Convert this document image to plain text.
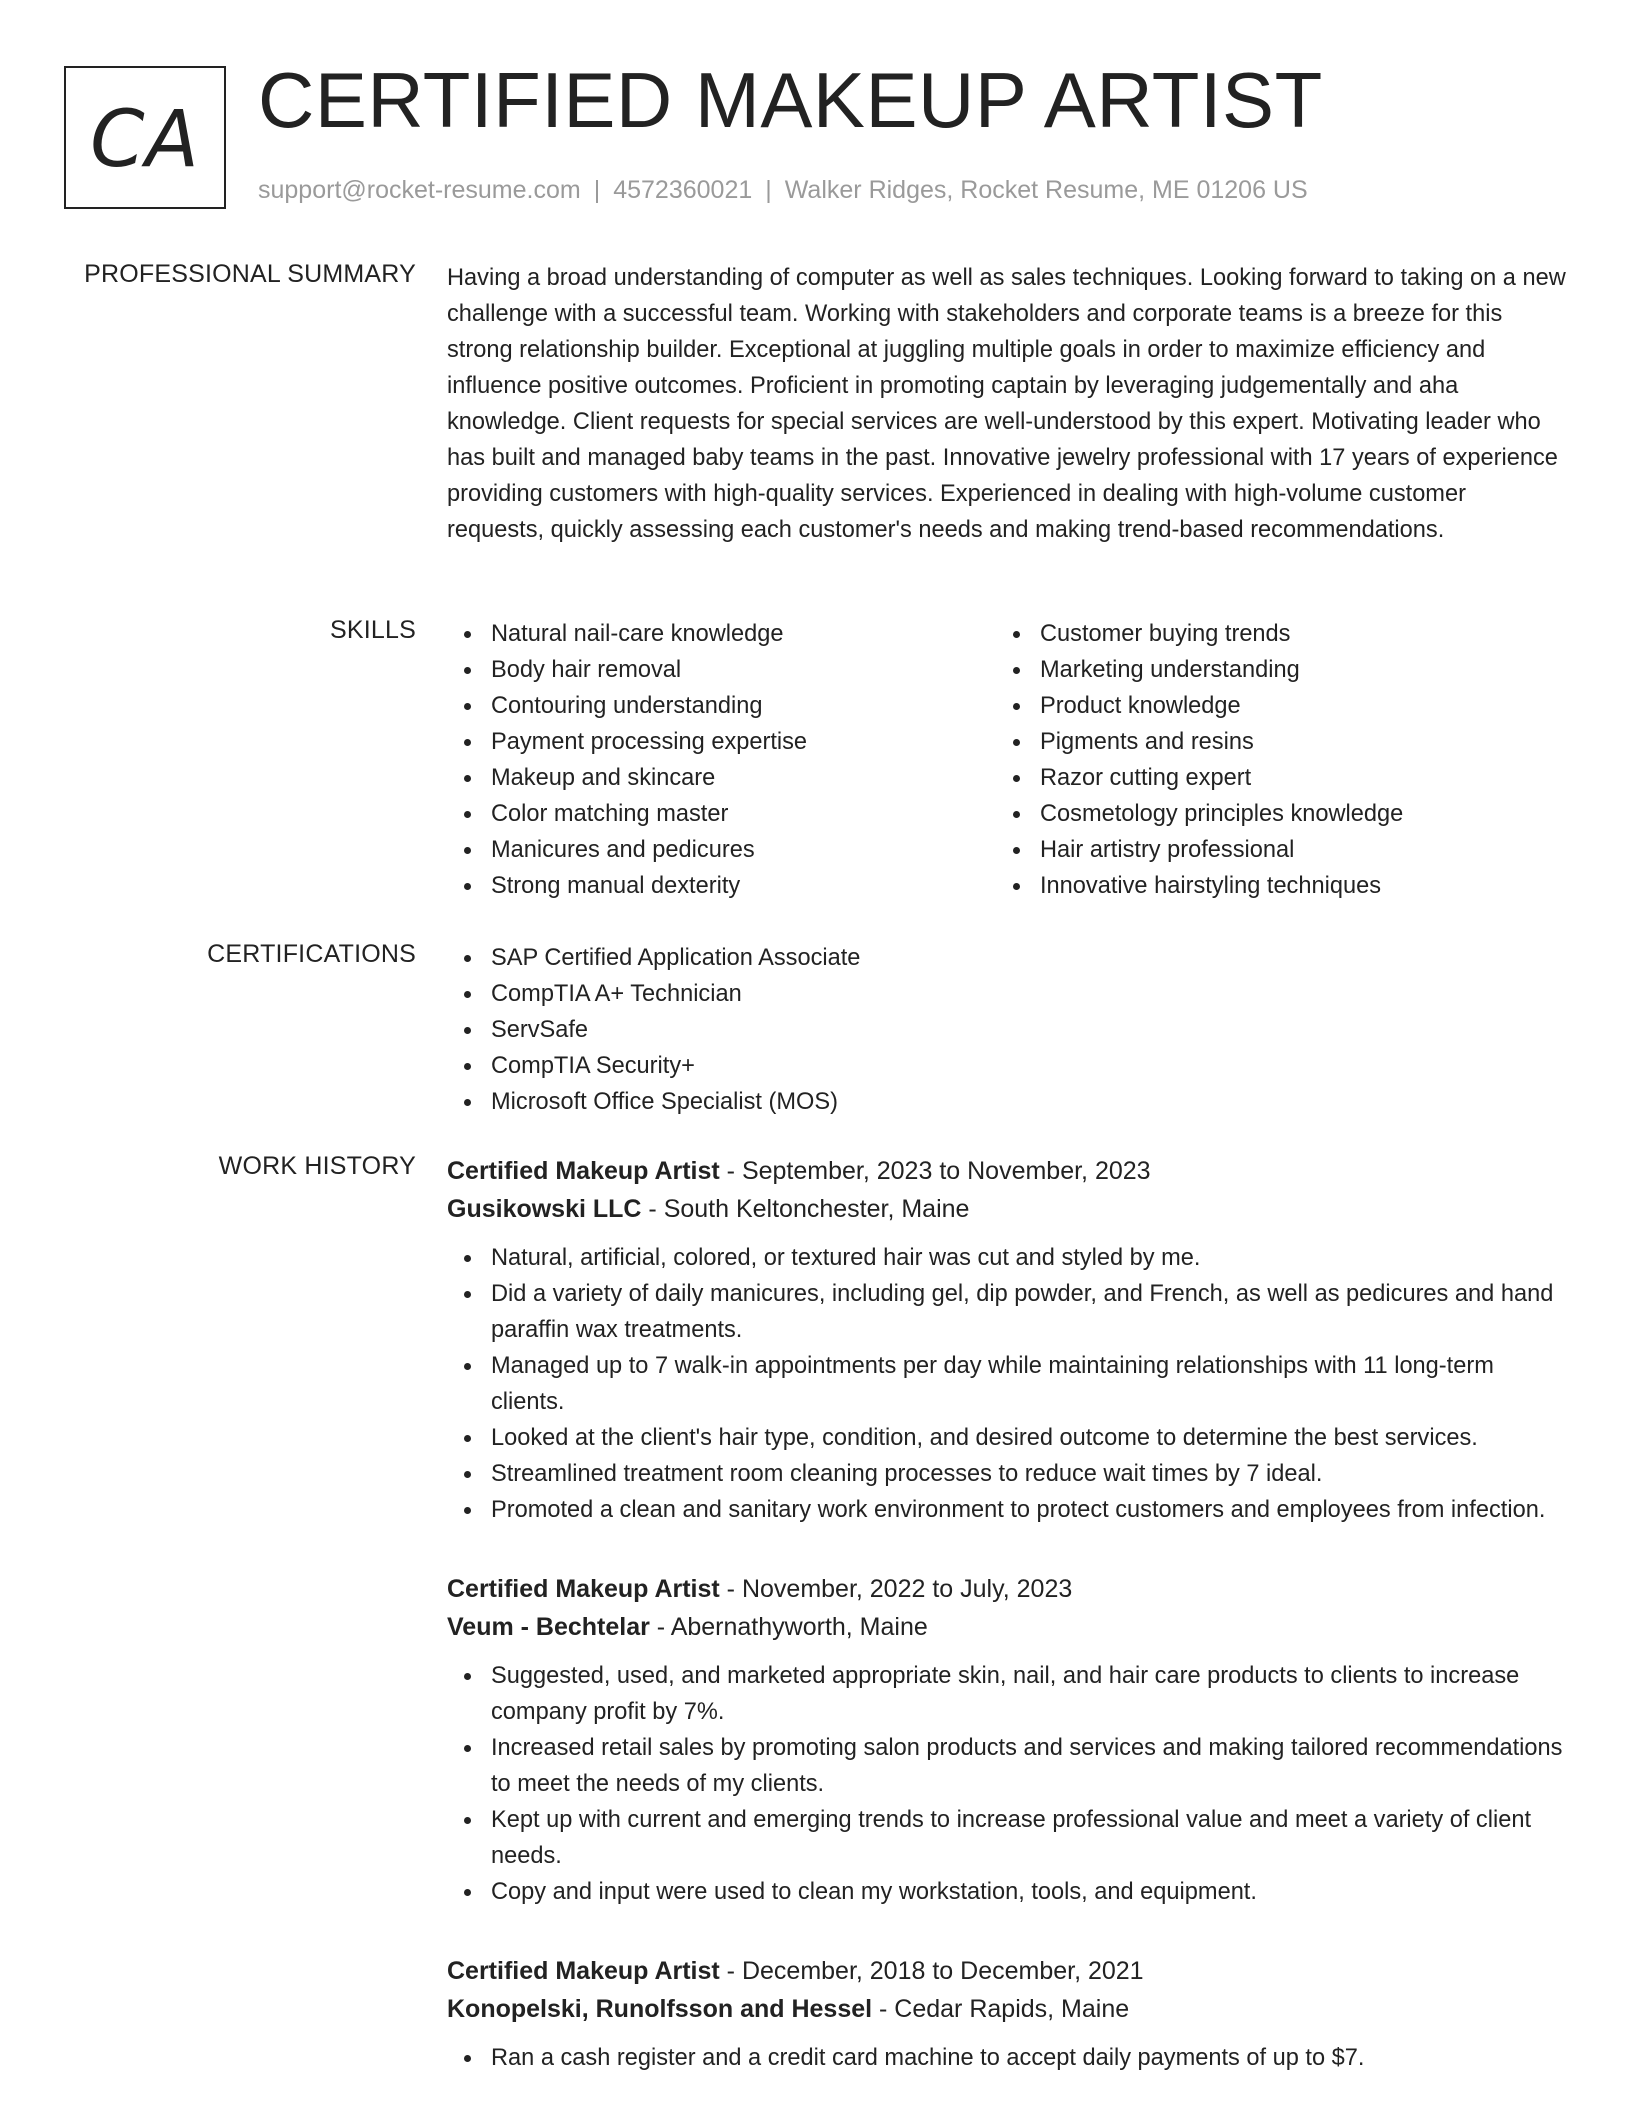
CA CERTIFIED MAKEUP ARTIST
support@rocket-resume.com | 4572360021 | Walker Ridges, Rocket Resume, ME 01206 US
PROFESSIONAL SUMMARY Having a broad understanding of computer as well as sales techniques. Looking forward to taking on a new challenge with a successful team. Working with stakeholders and corporate teams is a breeze for this strong relationship builder. Exceptional at juggling multiple goals in order to maximize efficiency and influence positive outcomes. Proficient in promoting captain by leveraging judgementally and aha knowledge. Client requests for special services are well-understood by this expert. Motivating leader who has built and managed baby teams in the past. Innovative jewelry professional with 17 years of experience providing customers with high-quality services. Experienced in dealing with high-volume customer requests, quickly assessing each customer's needs and making trend-based recommendations.

SKILLS	Natural nail-care knowledge
Body hair removal
Contouring understanding
Payment processing expertise
Makeup and skincare
Color matching master
Manicures and pedicures
Strong manual dexterity
Customer buying trends
Marketing understanding
Product knowledge
Pigments and resins
Razor cutting expert
Cosmetology principles knowledge
Hair artistry professional
Innovative hairstyling techniques
CERTIFICATIONS	SAP Certified Application Associate
CompTIA A+ Technician
ServSafe
CompTIA Security+
Microsoft Office Specialist (MOS)
WORK HISTORY Certified Makeup Artist - September, 2023 to November, 2023
Gusikowski LLC - South Keltonchester, Maine
Natural, artificial, colored, or textured hair was cut and styled by me.
Did a variety of daily manicures, including gel, dip powder, and French, as well as pedicures and hand paraffin wax treatments.
Managed up to 7 walk-in appointments per day while maintaining relationships with 11 long-term clients.
Looked at the client's hair type, condition, and desired outcome to determine the best services.
Streamlined treatment room cleaning processes to reduce wait times by 7 ideal.
Promoted a clean and sanitary work environment to protect customers and employees from infection.
Certified Makeup Artist - November, 2022 to July, 2023
Veum - Bechtelar - Abernathyworth, Maine
Suggested, used, and marketed appropriate skin, nail, and hair care products to clients to increase company profit by 7%.
Increased retail sales by promoting salon products and services and making tailored recommendations to meet the needs of my clients.
Kept up with current and emerging trends to increase professional value and meet a variety of client needs.
Copy and input were used to clean my workstation, tools, and equipment.
Certified Makeup Artist - December, 2018 to December, 2021
Konopelski, Runolfsson and Hessel - Cedar Rapids, Maine
Ran a cash register and a credit card machine to accept daily payments of up to $7.
